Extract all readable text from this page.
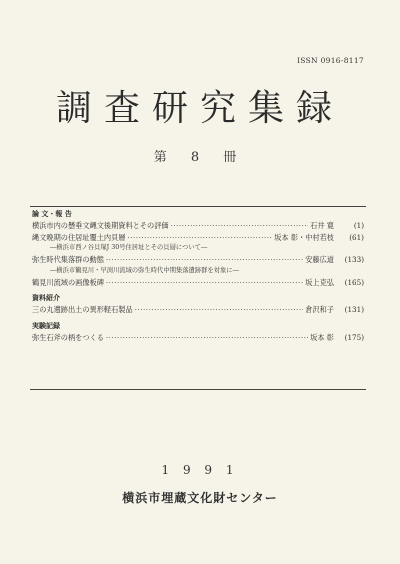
ISSN 0916-8117
調査研究集録
第 8 冊
論 文・報 告
横浜市内の懸垂文縄文後期資料とその評価 ·····	石井 寛	(1)
縄文晩期の住居址覆土内貝層 ·····	坂本 彰・中村若枝	(61)
―横浜市西ノ谷貝塚J 30号住居址とその貝層について―
弥生時代集落群の動態 ·····	安藤広道	(133)
―横浜市鶴見川・早渕川流域の弥生時代中期集落遺跡群を対象に―
鶴見川流域の画像板碑 ·····	坂上克弘	(165)
資料紹介
三の丸遺跡出土の異形軽石製品 ·····	倉沢和子	(131)
実験記録
弥生石斧の柄をつくる ·····	坂本 彰	(175)
1 9 9 1
横浜市埋蔵文化財センター
